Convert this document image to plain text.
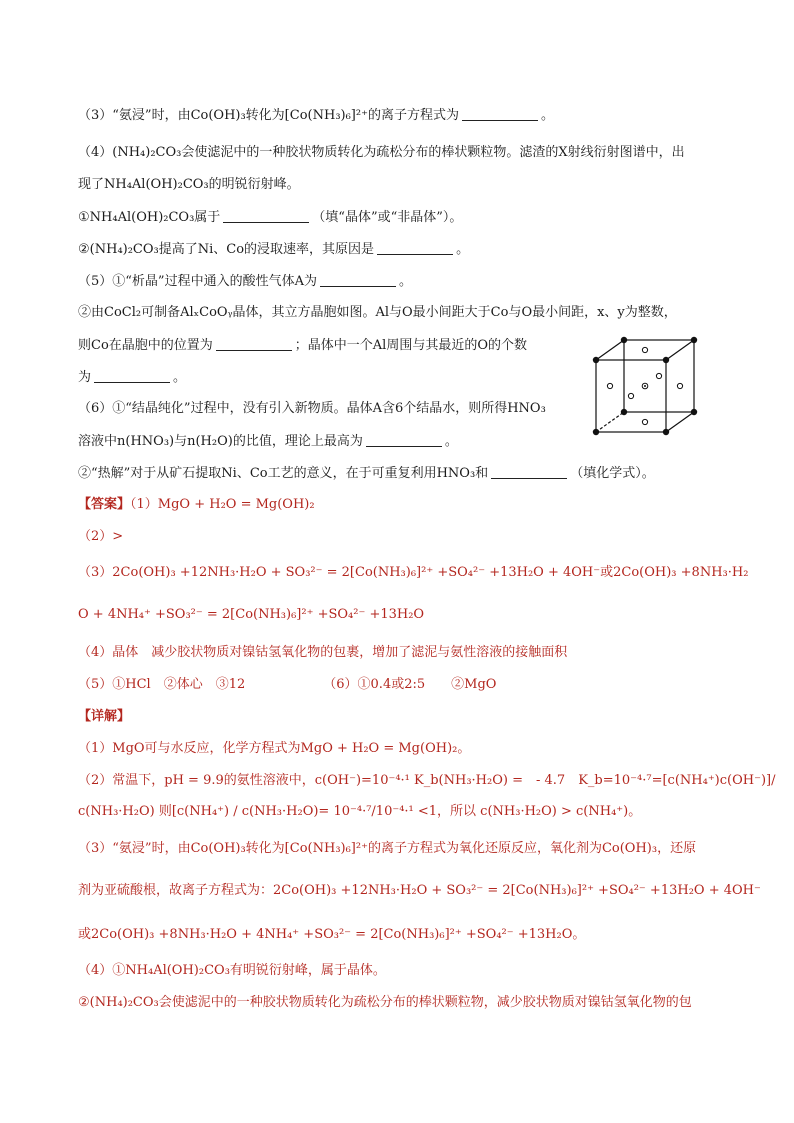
（3）“氨浸”时，由Co(OH)₃转化为[Co(NH₃)₆]²⁺的离子方程式为	。
（4）(NH₄)₂CO₃会使滤泥中的一种胶状物质转化为疏松分布的棒状颗粒物。滤渣的X射线衍射图谱中，出
现了NH₄Al(OH)₂CO₃的明锐衍射峰。
①NH₄Al(OH)₂CO₃属于	（填“晶体”或“非晶体”）。
②(NH₄)₂CO₃提高了Ni、Co的浸取速率，其原因是	。
（5）①“析晶”过程中通入的酸性气体A为	。
②由CoCl₂可制备AlₓCoOᵧ晶体，其立方晶胞如图。Al与O最小间距大于Co与O最小间距，x、y为整数，
则Co在晶胞中的位置为	；晶体中一个Al周围与其最近的O的个数
为	。
（6）①“结晶纯化”过程中，没有引入新物质。晶体A含6个结晶水，则所得HNO₃
溶液中n(HNO₃)与n(H₂O)的比值，理论上最高为	。
②“热解”对于从矿石提取Ni、Co工艺的意义，在于可重复利用HNO₃和	（填化学式）。
【答案】（1）MgO + H₂O = Mg(OH)₂
（2）>
（3）2Co(OH)₃ +12NH₃·H₂O + SO₃²⁻ = 2[Co(NH₃)₆]²⁺ +SO₄²⁻ +13H₂O + 4OH⁻或2Co(OH)₃ +8NH₃·H₂
O + 4NH₄⁺ +SO₃²⁻ = 2[Co(NH₃)₆]²⁺ +SO₄²⁻ +13H₂O
（4）晶体　减少胶状物质对镍钴氢氧化物的包裹，增加了滤泥与氨性溶液的接触面积
（5）①HCl　②体心　③12	（6）①0.4或2:5　　②MgO
【详解】
（1）MgO可与水反应，化学方程式为MgO + H₂O = Mg(OH)₂。
（2）常温下，pH = 9.9的氨性溶液中，c(OH⁻)=10⁻⁴·¹ K_b(NH₃·H₂O) =　- 4.7　K_b=10⁻⁴·⁷=[c(NH₄⁺)c(OH⁻)]/
c(NH₃·H₂O) 则[c(NH₄⁺) / c(NH₃·H₂O)= 10⁻⁴·⁷/10⁻⁴·¹ <1，所以 c(NH₃·H₂O) > c(NH₄⁺)。
（3）“氨浸”时，由Co(OH)₃转化为[Co(NH₃)₆]²⁺的离子方程式为氧化还原反应，氧化剂为Co(OH)₃，还原
剂为亚硫酸根，故离子方程式为：2Co(OH)₃ +12NH₃·H₂O + SO₃²⁻ = 2[Co(NH₃)₆]²⁺ +SO₄²⁻ +13H₂O + 4OH⁻
或2Co(OH)₃ +8NH₃·H₂O + 4NH₄⁺ +SO₃²⁻ = 2[Co(NH₃)₆]²⁺ +SO₄²⁻ +13H₂O。
（4）①NH₄Al(OH)₂CO₃有明锐衍射峰，属于晶体。
②(NH₄)₂CO₃会使滤泥中的一种胶状物质转化为疏松分布的棒状颗粒物，减少胶状物质对镍钴氢氧化物的包
